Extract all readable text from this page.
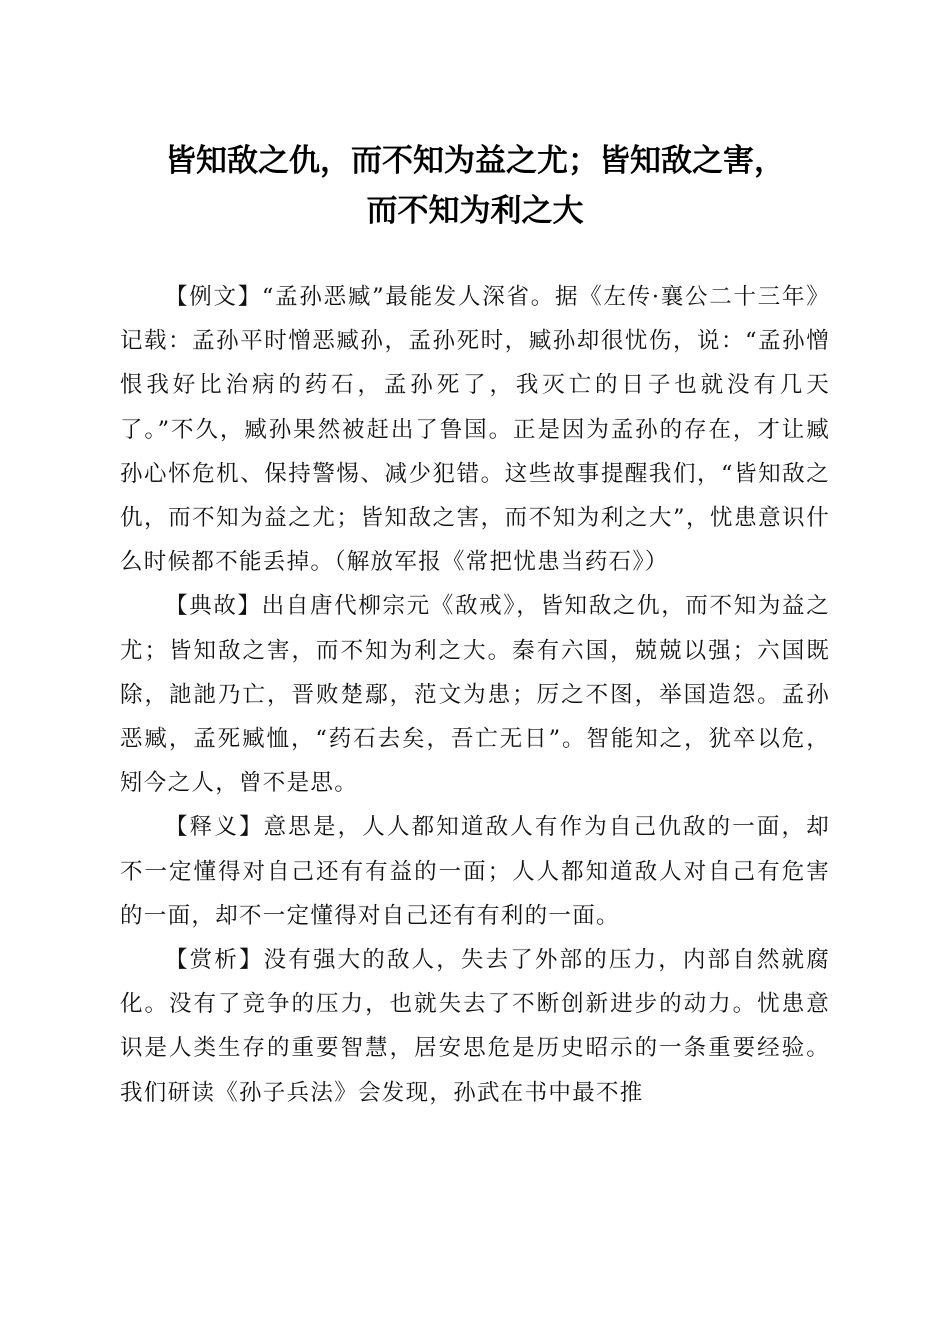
皆知敌之仇，而不知为益之尤；皆知敌之害，
而不知为利之大

【例文】“孟孙恶臧”最能发人深省。据《左传·襄公二十三年》记载：孟孙平时憎恶臧孙，孟孙死时，臧孙却很忧伤，说：“孟孙憎恨我好比治病的药石，孟孙死了，我灭亡的日子也就没有几天了。”不久，臧孙果然被赶出了鲁国。正是因为孟孙的存在，才让臧孙心怀危机、保持警惕、减少犯错。这些故事提醒我们，“皆知敌之仇，而不知为益之尤；皆知敌之害，而不知为利之大”，忧患意识什么时候都不能丢掉。（解放军报《常把忧患当药石》）

【典故】出自唐代柳宗元《敌戒》，皆知敌之仇，而不知为益之尤；皆知敌之害，而不知为利之大。秦有六国，兢兢以强；六国既除，訑訑乃亡，晋败楚鄢，范文为患；厉之不图，举国造怨。孟孙恶臧，孟死臧恤，“药石去矣，吾亡无日”。智能知之，犹卒以危，矧今之人，曾不是思。

【释义】意思是，人人都知道敌人有作为自己仇敌的一面，却不一定懂得对自己还有有益的一面；人人都知道敌人对自己有危害的一面，却不一定懂得对自己还有有利的一面。

【赏析】没有强大的敌人，失去了外部的压力，内部自然就腐化。没有了竞争的压力，也就失去了不断创新进步的动力。忧患意识是人类生存的重要智慧，居安思危是历史昭示的一条重要经验。我们研读《孙子兵法》会发现，孙武在书中最不推
